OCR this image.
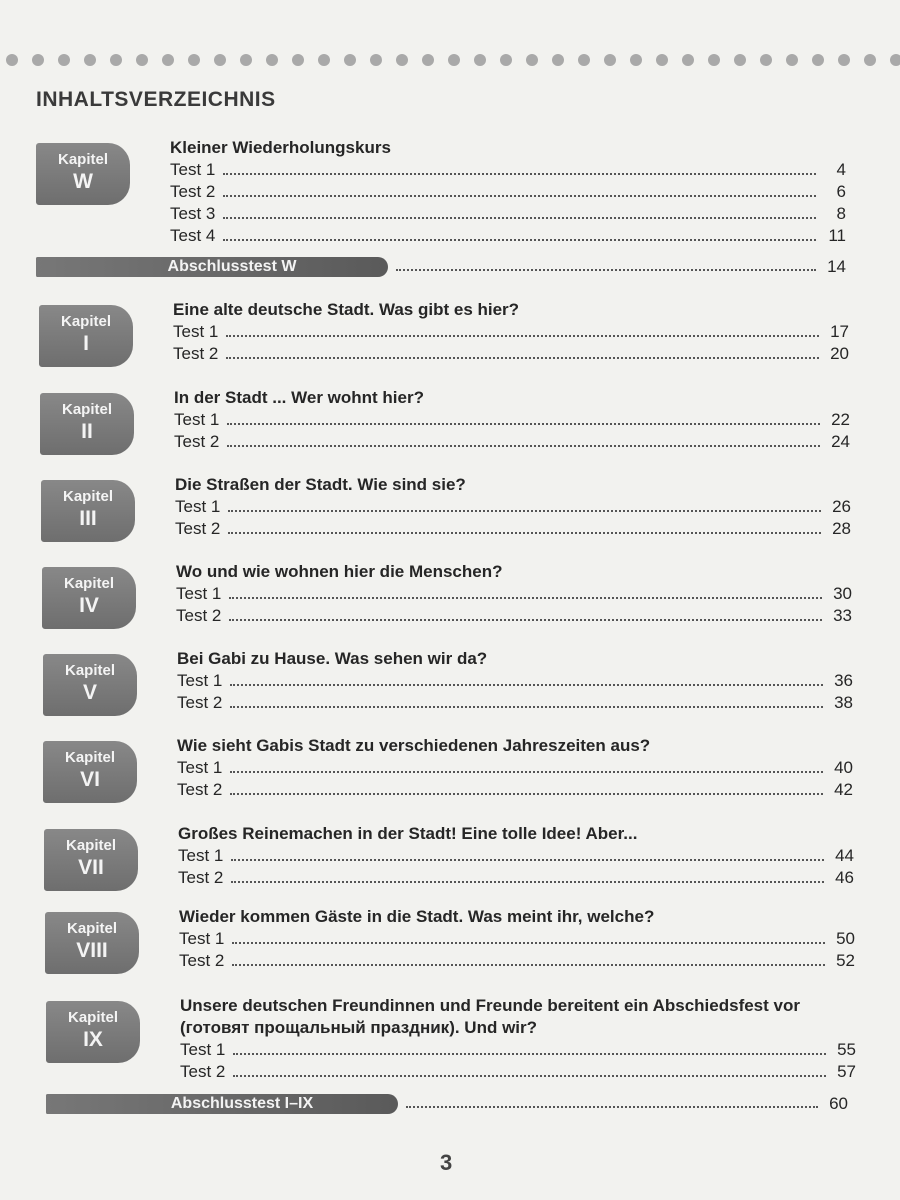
INHALTSVERZEICHNIS
Kapitel
W
Kleiner Wiederholungskurs
Test 1	4
Test 2	6
Test 3	8
Test 4	11
Kapitel
I
Eine alte deutsche Stadt. Was gibt es hier?
Test 1	17
Test 2	20
Kapitel
II
In der Stadt ... Wer wohnt hier?
Test 1	22
Test 2	24
Kapitel
III
Die Straßen der Stadt. Wie sind sie?
Test 1	26
Test 2	28
Kapitel
IV
Wo und wie wohnen hier die Menschen?
Test 1	30
Test 2	33
Kapitel
V
Bei Gabi zu Hause. Was sehen wir da?
Test 1	36
Test 2	38
Kapitel
VI
Wie sieht Gabis Stadt zu verschiedenen Jahreszeiten aus?
Test 1	40
Test 2	42
Kapitel
VII
Großes Reinemachen in der Stadt! Eine tolle Idee! Aber...
Test 1	44
Test 2	46
Kapitel
VIII
Wieder kommen Gäste in die Stadt. Was meint ihr, welche?
Test 1	50
Test 2	52
Kapitel
IX
Unsere deutschen Freundinnen und Freunde bereitent ein Abschiedsfest vor (готовят прощальный праздник). Und wir?
Test 1	55
Test 2	57
Abschlusstest W	14
Abschlusstest I–IX	60
3
